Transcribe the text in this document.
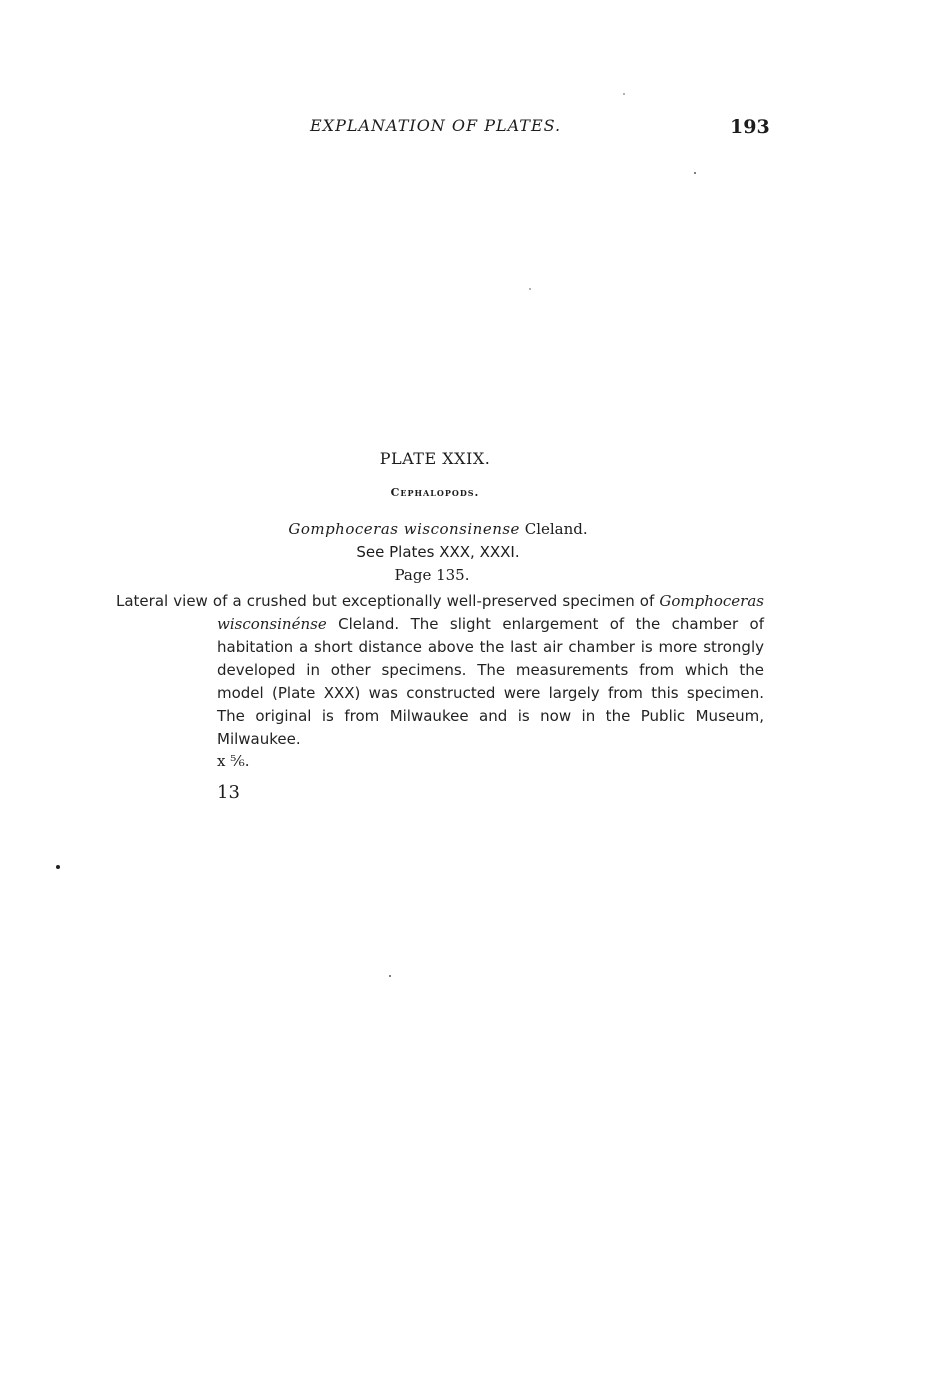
EXPLANATION OF PLATES.	193
PLATE XXIX.
Cephalopods.
Gomphoceras wisconsinense Cleland.
See Plates XXX, XXXI.
Page 135.

Lateral view of a crushed but exceptionally well-preserved specimen of Gomphoceras wisconsinénse Cleland. The slight enlargement of the chamber of habitation a short distance above the last air chamber is more strongly developed in other specimens. The measurements from which the model (Plate XXX) was constructed were largely from this specimen. The original is from Milwaukee and is now in the Public Museum, Milwaukee.

x ⅚.
13
